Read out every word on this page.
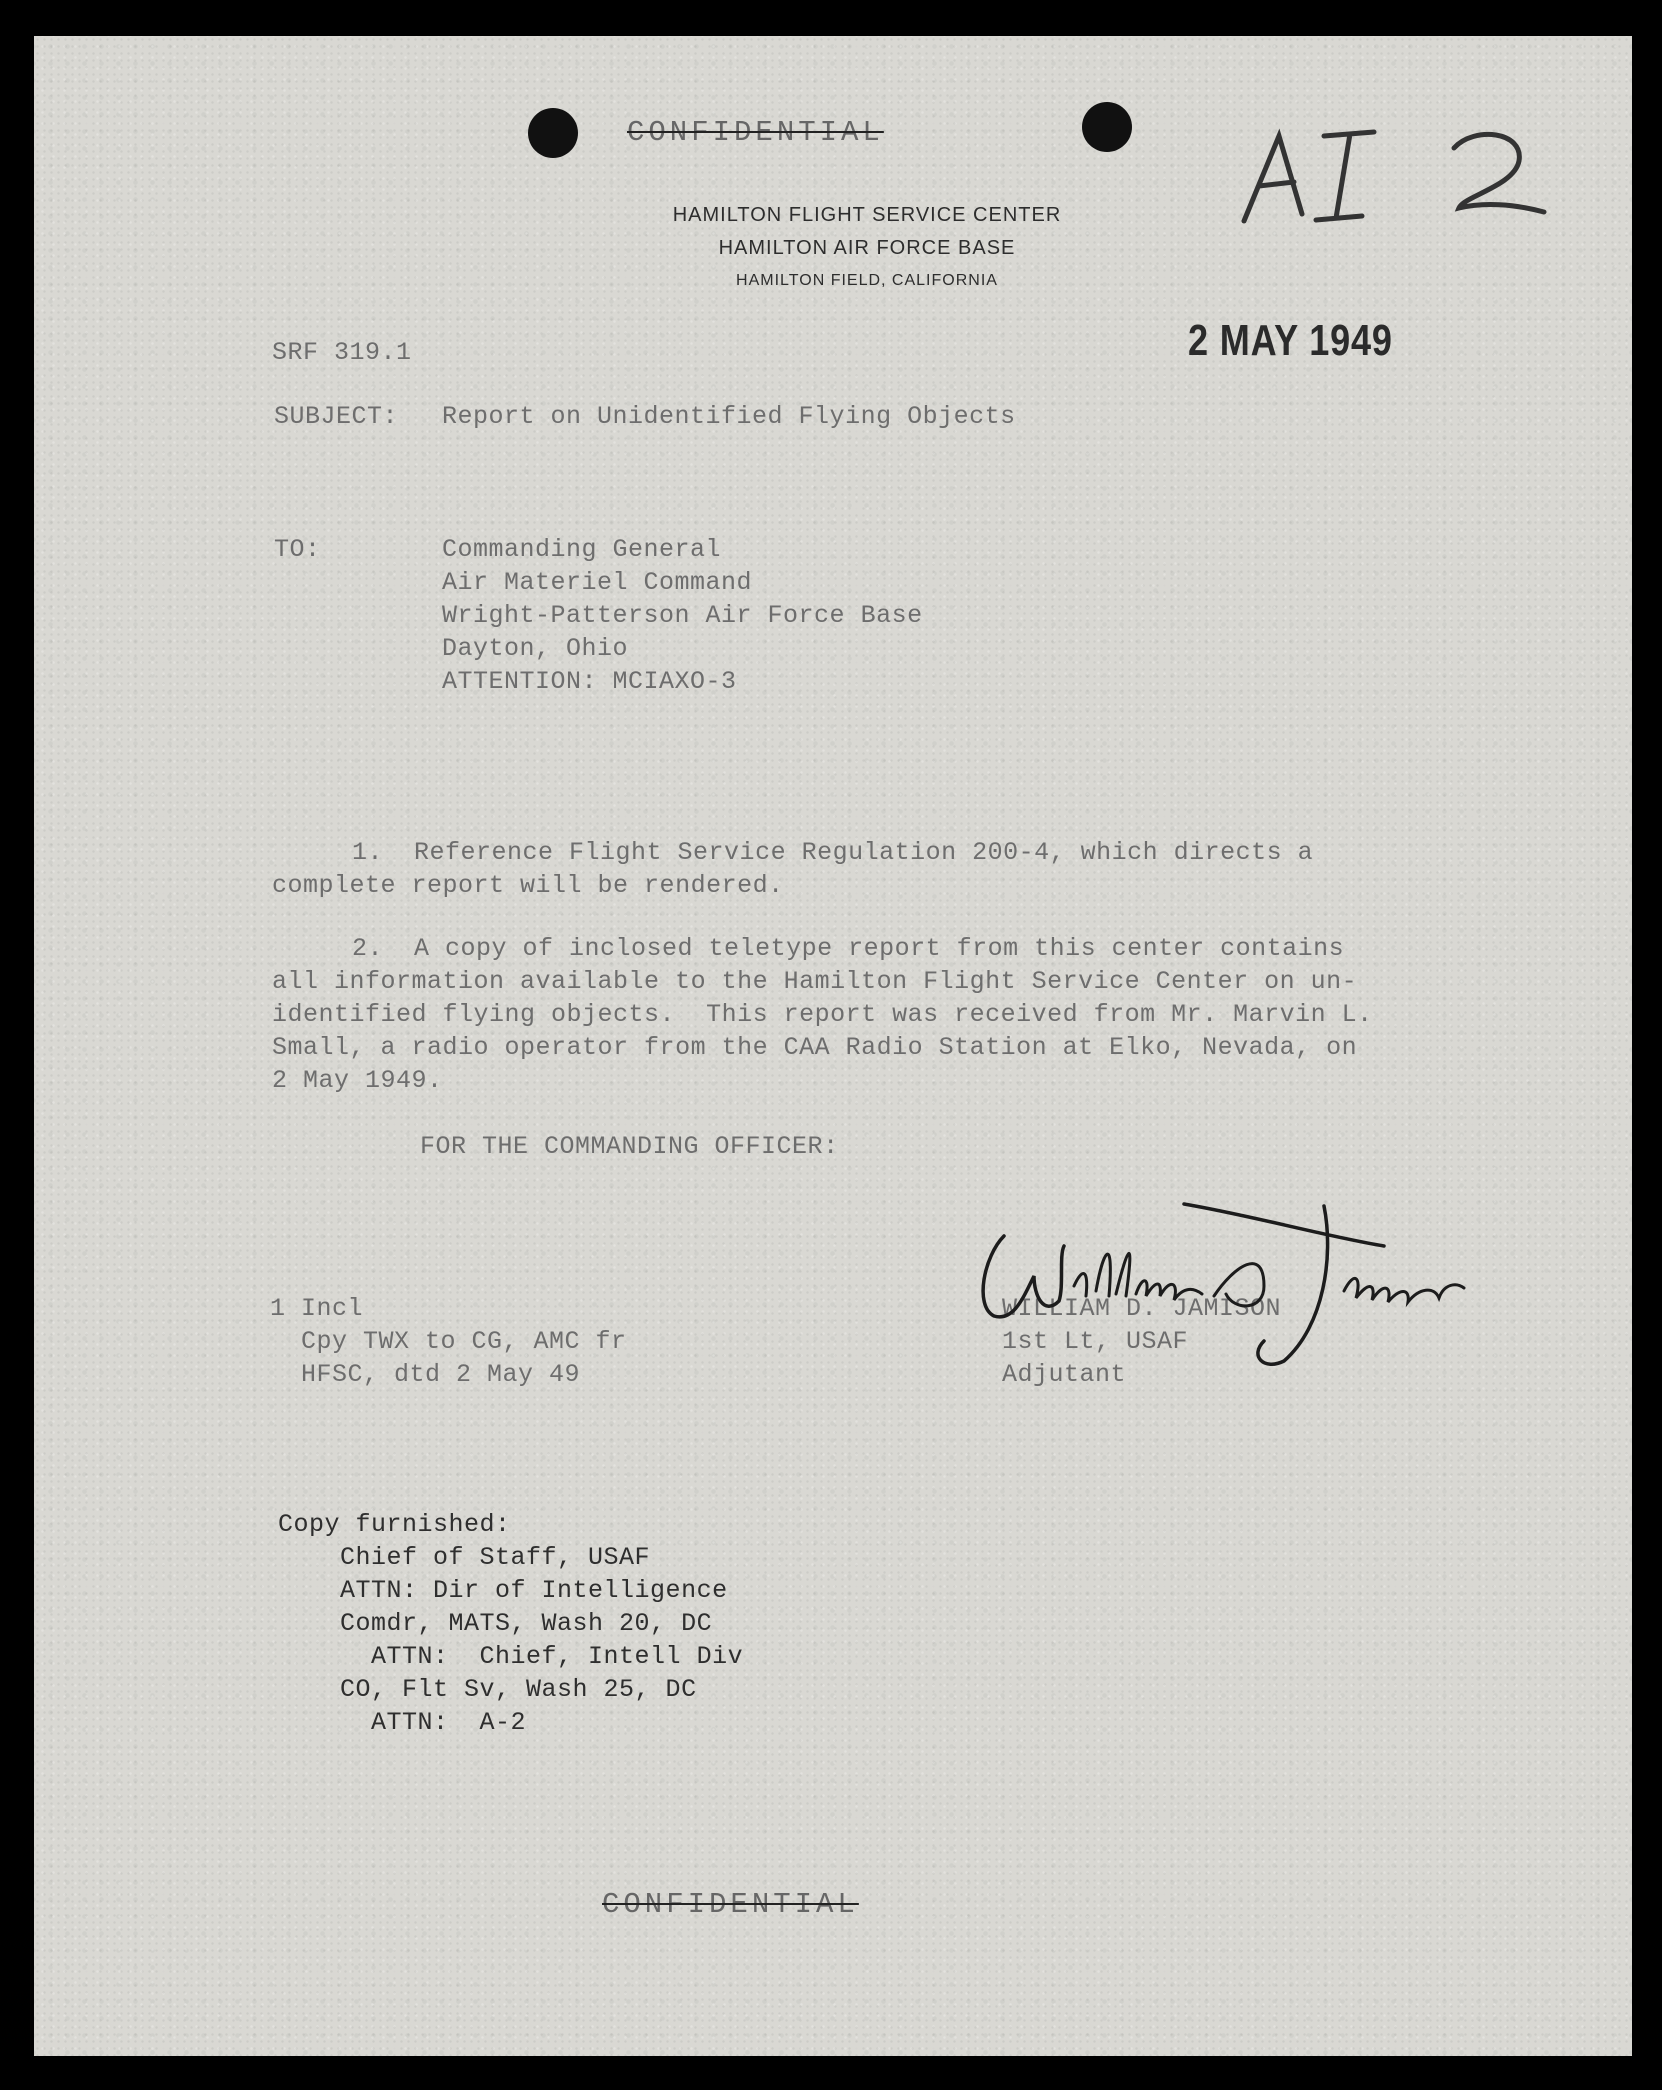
CONFIDENTIAL
HAMILTON FLIGHT SERVICE CENTER
HAMILTON AIR FORCE BASE
HAMILTON FIELD, CALIFORNIA
SRF 319.1	2 MAY 1949
SUBJECT: Report on Unidentified Flying Objects
TO:	Commanding General
Air Materiel Command
Wright-Patterson Air Force Base
Dayton, Ohio
ATTENTION: MCIAXO-3
1.  Reference Flight Service Regulation 200-4, which directs a
complete report will be rendered.
2.  A copy of inclosed teletype report from this center contains
all information available to the Hamilton Flight Service Center on un-
identified flying objects.  This report was received from Mr. Marvin L.
Small, a radio operator from the CAA Radio Station at Elko, Nevada, on
2 May 1949.
FOR THE COMMANDING OFFICER:
1 Incl
Cpy TWX to CG, AMC fr
HFSC, dtd 2 May 49
WILLIAM D. JAMISON
1st Lt, USAF
Adjutant
Copy furnished:
Chief of Staff, USAF
ATTN: Dir of Intelligence
Comdr, MATS, Wash 20, DC
ATTN:  Chief, Intell Div
CO, Flt Sv, Wash 25, DC
ATTN:  A-2
CONFIDENTIAL
